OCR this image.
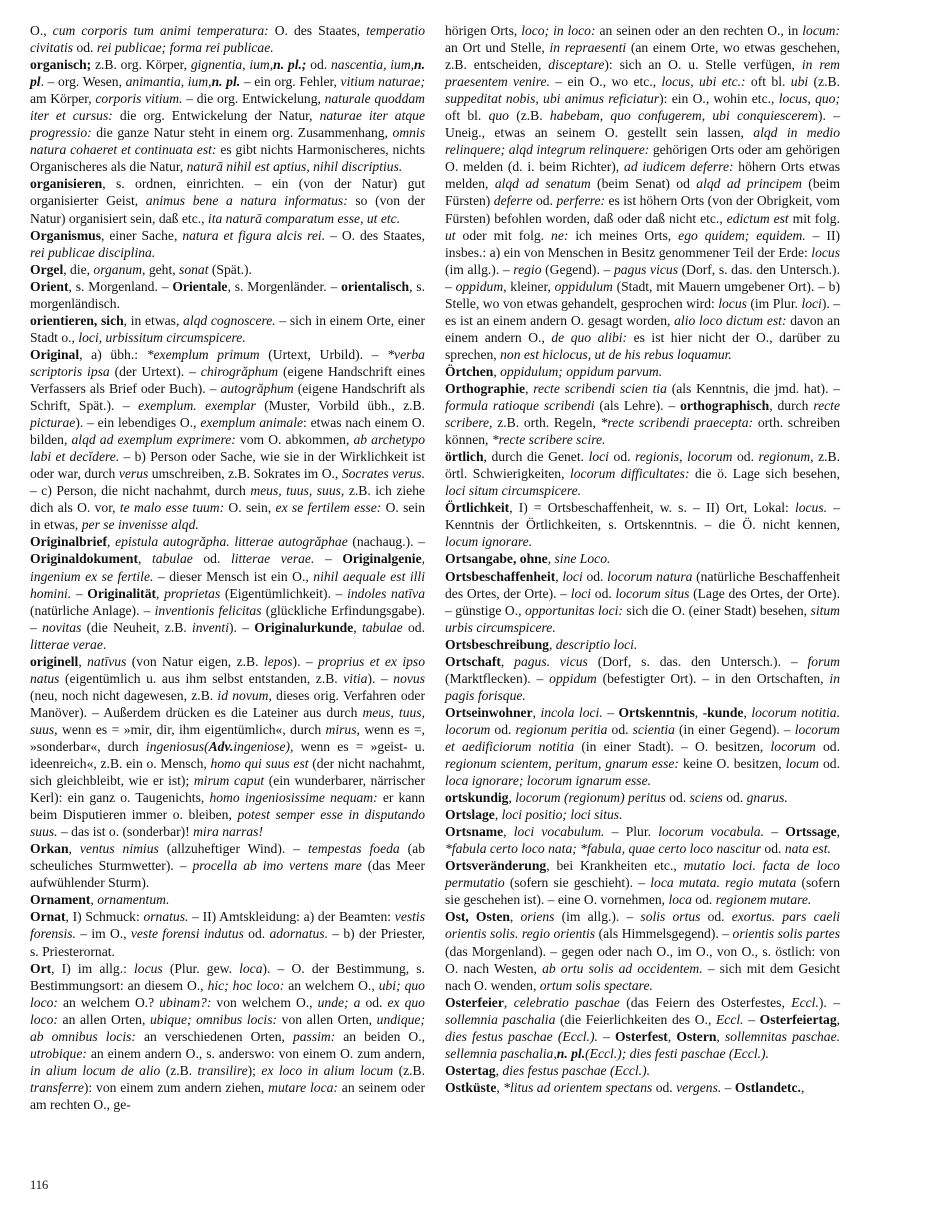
O., cum corporis tum animi temperatura: O. des Staates, temperatio civitatis od. rei publicae; forma rei publicae.

organisch; z.B. org. Körper, gignentia, ium,n. pl.; od. nascentia, ium,n. pl. – org. Wesen, animantia, ium,n. pl. – ein org. Fehler, vitium naturae; am Körper, corporis vitium. – die org. Entwickelung, naturale quoddam iter et cursus: die org. Entwickelung der Natur, naturae iter atque progressio: die ganze Natur steht in einem org. Zusammenhang, omnis natura cohaeret et continuata est: es gibt nichts Harmonischeres, nichts Organischeres als die Natur, naturā nihil est aptius, nihil discriptius.

organisieren, s. ordnen, einrichten. – ein (von der Natur) gut organisierter Geist, animus bene a natura informatus: so (von der Natur) organisiert sein, daß etc., ita naturā comparatum esse, ut etc.

Organismus, einer Sache, natura et figura alcis rei. – O. des Staates, rei publicae disciplina.

Orgel, die, organum, geht, sonat (Spät.).

Orient, s. Morgenland. – Orientale, s. Morgenländer. – orientalisch, s. morgenländisch.

orientieren, sich, in etwas, alqd cognoscere. – sich in einem Orte, einer Stadt o., loci, urbissitum circumspicere.

Original, a) übh.: *exemplum primum (Urtext, Urbild). – *verba scriptoris ipsa (der Urtext). – chirogrăphum (eigene Handschrift eines Verfassers als Brief oder Buch). – autogrăphum (eigene Handschrift als Schrift, Spät.). – exemplum. exemplar (Muster, Vorbild übh., z.B. picturae). – ein lebendiges O., exemplum animale: etwas nach einem O. bilden, alqd ad exemplum exprimere: vom O. abkommen, ab archetypo labi et decĭdere. – b) Person oder Sache, wie sie in der Wirklichkeit ist oder war, durch verus umschreiben, z.B. Sokrates im O., Socrates verus. – c) Person, die nicht nachahmt, durch meus, tuus, suus, z.B. ich ziehe dich als O. vor, te malo esse tuum: O. sein, ex se fertilem esse: O. sein in etwas, per se invenisse alqd.

Originalbrief, epistula autogrăpha. litterae autogrăphae (nachaug.). – Originaldokument, tabulae od. litterae verae. – Originalgenie, ingenium ex se fertile. – dieser Mensch ist ein O., nihil aequale est illi homini. – Originalität, proprietas (Eigentümlichkeit). – indoles natīva (natürliche Anlage). – inventionis felicitas (glückliche Erfindungsgabe). – novitas (die Neuheit, z.B. inventi). – Originalurkunde, tabulae od. litterae verae.

originell, natīvus (von Natur eigen, z.B. lepos). – proprius et ex ipso natus (eigentümlich u. aus ihm selbst entstanden, z.B. vitia). – novus (neu, noch nicht dagewesen, z.B. id novum, dieses orig. Verfahren oder Manöver). – Außerdem drücken es die Lateiner aus durch meus, tuus, suus, wenn es = »mir, dir, ihm eigentümlich«, durch mirus, wenn es =, »sonderbar«, durch ingeniosus(Adv.ingeniose), wenn es = »geist- u. ideenreich«, z.B. ein o. Mensch, homo qui suus est (der nicht nachahmt, sich gleichbleibt, wie er ist); mirum caput (ein wunderbarer, närrischer Kerl): ein ganz o. Taugenichts, homo ingeniosissime nequam: er kann beim Disputieren immer o. bleiben, potest semper esse in disputando suus. – das ist o. (sonderbar)! mira narras!

Orkan, ventus nimius (allzuheftiger Wind). – tempestas foeda (ab scheuliches Sturmwetter). – procella ab imo vertens mare (das Meer aufwühlender Sturm).

Ornament, ornamentum.

Ornat, I) Schmuck: ornatus. – II) Amtskleidung: a) der Beamten: vestis forensis. – im O., veste forensi indutus od. adornatus. – b) der Priester, s. Priesterornat.

Ort, I) im allg.: locus (Plur. gew. loca). – O. der Bestimmung, s. Bestimmungsort: an diesem O., hic; hoc loco: an welchem O., ubi; quo loco: an welchem O.? ubinam?: von welchem O., unde; a od. ex quo loco: an allen Orten, ubique; omnibus locis: von allen Orten, undique; ab omnibus locis: an verschiedenen Orten, passim: an beiden O., utrobique: an einem andern O., s. anderswo: von einem O. zum andern, in alium locum de alio (z.B. transilire); ex loco in alium locum (z.B. transferre): von einem zum andern ziehen, mutare loca: an seinem oder am rechten O., ge-

hörigen Orts, loco; in loco: an seinen oder an den rechten O., in locum: an Ort und Stelle, in repraesenti (an einem Orte, wo etwas geschehen, z.B. entscheiden, disceptare): sich an O. u. Stelle verfügen, in rem praesentem venire. – ein O., wo etc., locus, ubi etc.: oft bl. ubi (z.B. suppeditat nobis, ubi animus reficiatur): ein O., wohin etc., locus, quo; oft bl. quo (z.B. habebam, quo confugerem, ubi conquiescerem). – Uneig., etwas an seinem O. gestellt sein lassen, alqd in medio relinquere; alqd integrum relinquere: gehörigen Orts oder am gehörigen O. melden (d. i. beim Richter), ad iudicem deferre: höhern Orts etwas melden, alqd ad senatum (beim Senat) od alqd ad principem (beim Fürsten) deferre od. perferre: es ist höhern Orts (von der Obrigkeit, vom Fürsten) befohlen worden, daß oder daß nicht etc., edictum est mit folg. ut oder mit folg. ne: ich meines Orts, ego quidem; equidem. – II) insbes.: a) ein von Menschen in Besitz genommener Teil der Erde: locus (im allg.). – regio (Gegend). – pagus vicus (Dorf, s. das. den Untersch.). – oppidum, kleiner, oppidulum (Stadt, mit Mauern umgebener Ort). – b) Stelle, wo von etwas gehandelt, gesprochen wird: locus (im Plur. loci). – es ist an einem andern O. gesagt worden, alio loco dictum est: davon an einem andern O., de quo alibi: es ist hier nicht der O., darüber zu sprechen, non est hiclocus, ut de his rebus loquamur.

Örtchen, oppidulum; oppidum parvum.

Orthographie, recte scribendi scien tia (als Kenntnis, die jmd. hat). – formula ratioque scribendi (als Lehre). – orthographisch, durch recte scribere, z.B. orth. Regeln, *recte scribendi praecepta: orth. schreiben können, *recte scribere scire.

örtlich, durch die Genet. loci od. regionis, locorum od. regionum, z.B. örtl. Schwierigkeiten, locorum difficultates: die ö. Lage sich besehen, loci situm circumspicere.

Örtlichkeit, I) = Ortsbeschaffenheit, w. s. – II) Ort, Lokal: locus. – Kenntnis der Örtlichkeiten, s. Ortskenntnis. – die Ö. nicht kennen, locum ignorare.

Ortsangabe, ohne, sine Loco.

Ortsbeschaffenheit, loci od. locorum natura (natürliche Beschaffenheit des Ortes, der Orte). – loci od. locorum situs (Lage des Ortes, der Orte). – günstige O., opportunitas loci: sich die O. (einer Stadt) besehen, situm urbis circumspicere.

Ortsbeschreibung, descriptio loci.

Ortschaft, pagus. vicus (Dorf, s. das. den Untersch.). – forum (Marktflecken). – oppidum (befestigter Ort). – in den Ortschaften, in pagis forisque.

Ortseinwohner, incola loci. – Ortskenntnis, -kunde, locorum notitia. locorum od. regionum peritia od. scientia (in einer Gegend). – locorum et aedificiorum notitia (in einer Stadt). – O. besitzen, locorum od. regionum scientem, peritum, gnarum esse: keine O. besitzen, locum od. loca ignorare; locorum ignarum esse.

ortskundig, locorum (regionum) peritus od. sciens od. gnarus.

Ortslage, loci positio; loci situs.

Ortsname, loci vocabulum. – Plur. locorum vocabula. – Ortssage, *fabula certo loco nata; *fabula, quae certo loco nascitur od. nata est.

Ortsveränderung, bei Krankheiten etc., mutatio loci. facta de loco permutatio (sofern sie geschieht). – loca mutata. regio mutata (sofern sie geschehen ist). – eine O. vornehmen, loca od. regionem mutare.

Ost, Osten, oriens (im allg.). – solis ortus od. exortus. pars caeli orientis solis. regio orientis (als Himmelsgegend). – orientis solis partes (das Morgenland). – gegen oder nach O., im O., von O., s. östlich: von O. nach Westen, ab ortu solis ad occidentem. – sich mit dem Gesicht nach O. wenden, ortum solis spectare.

Osterfeier, celebratio paschae (das Feiern des Osterfestes, Eccl.). – sollemnia paschalia (die Feierlichkeiten des O., Eccl. – Osterfeiertag, dies festus paschae (Eccl.). – Osterfest, Ostern, sollemnitas paschae. sellemnia paschalia,n. pl.(Eccl.); dies festi paschae (Eccl.).

Ostertag, dies festus paschae (Eccl.).

Ostküste, *litus ad orientem spectans od. vergens. – Ostlandetc.,

116
